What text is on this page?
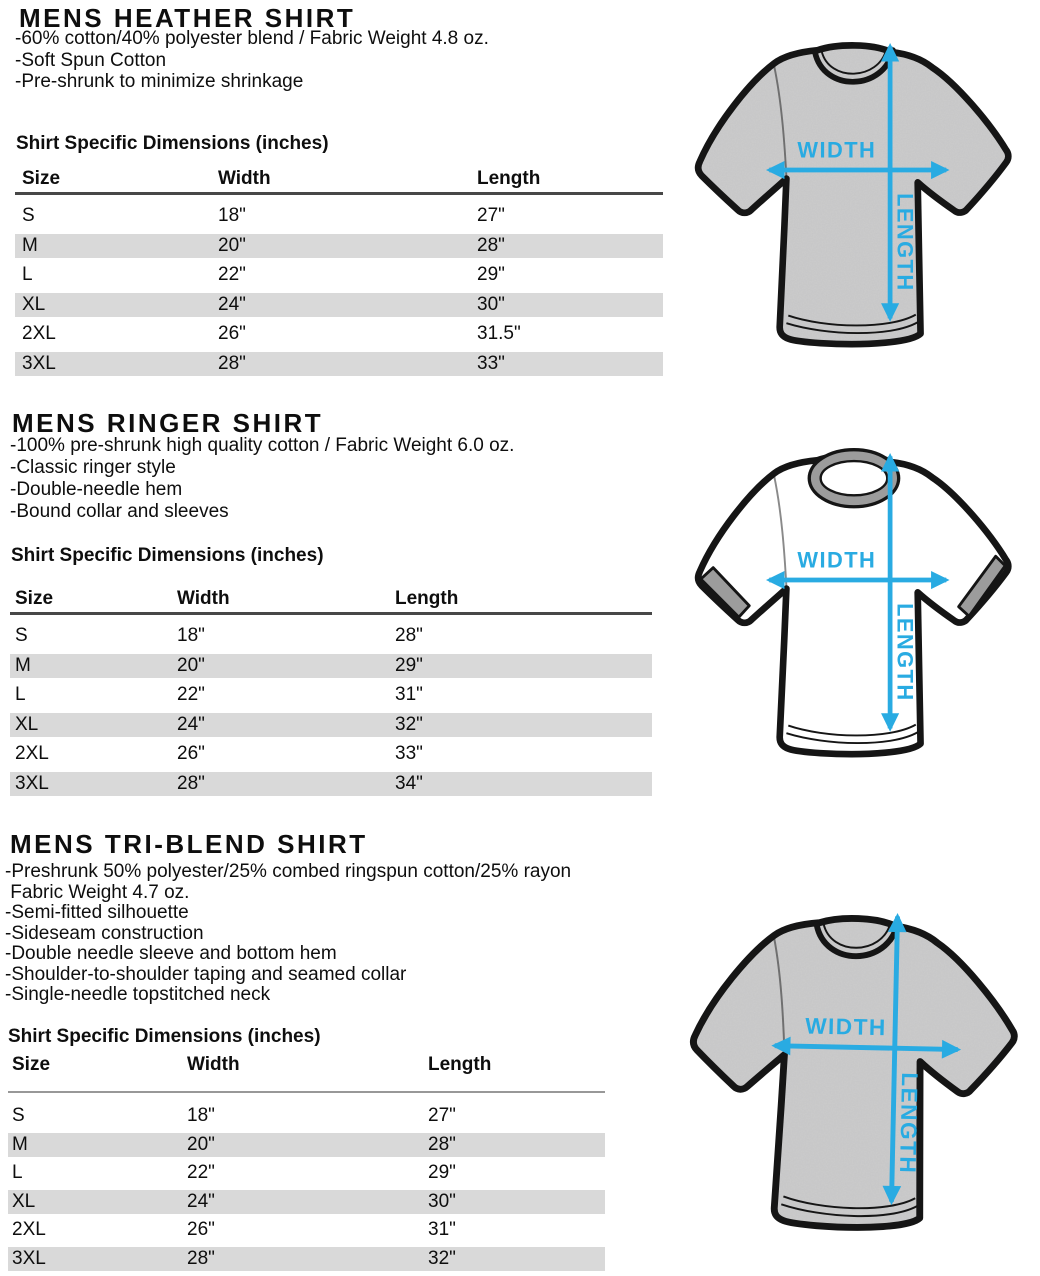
MENS HEATHER SHIRT
-60% cotton/40% polyester blend / Fabric Weight 4.8 oz.
-Soft Spun Cotton
-Pre-shrunk to minimize shrinkage
Shirt Specific Dimensions (inches)
Size	Width	Length
S	18"	27"
M	20"	28"
L	22"	29"
XL	24"	30"
2XL	26"	31.5"
3XL	28"	33"
MENS RINGER SHIRT
-100% pre-shrunk high quality cotton / Fabric Weight 6.0 oz.
-Classic ringer style
-Double-needle hem
-Bound collar and sleeves
Shirt Specific Dimensions (inches)
Size	Width	Length
S	18"	28"
M	20"	29"
L	22"	31"
XL	24"	32"
2XL	26"	33"
3XL	28"	34"
MENS TRI-BLEND SHIRT
-Preshrunk 50% polyester/25% combed ringspun cotton/25% rayon
Fabric Weight 4.7 oz.
-Semi-fitted silhouette
-Sideseam construction
-Double needle sleeve and bottom hem
-Shoulder-to-shoulder taping and seamed collar
-Single-needle topstitched neck
Shirt Specific Dimensions (inches)
Size	Width	Length
S	18"	27"
M	20"	28"
L	22"	29"
XL	24"	30"
2XL	26"	31"
3XL	28"	32"
WIDTH
LENGTH
WIDTH
LENGTH
WIDTH
LENGTH
